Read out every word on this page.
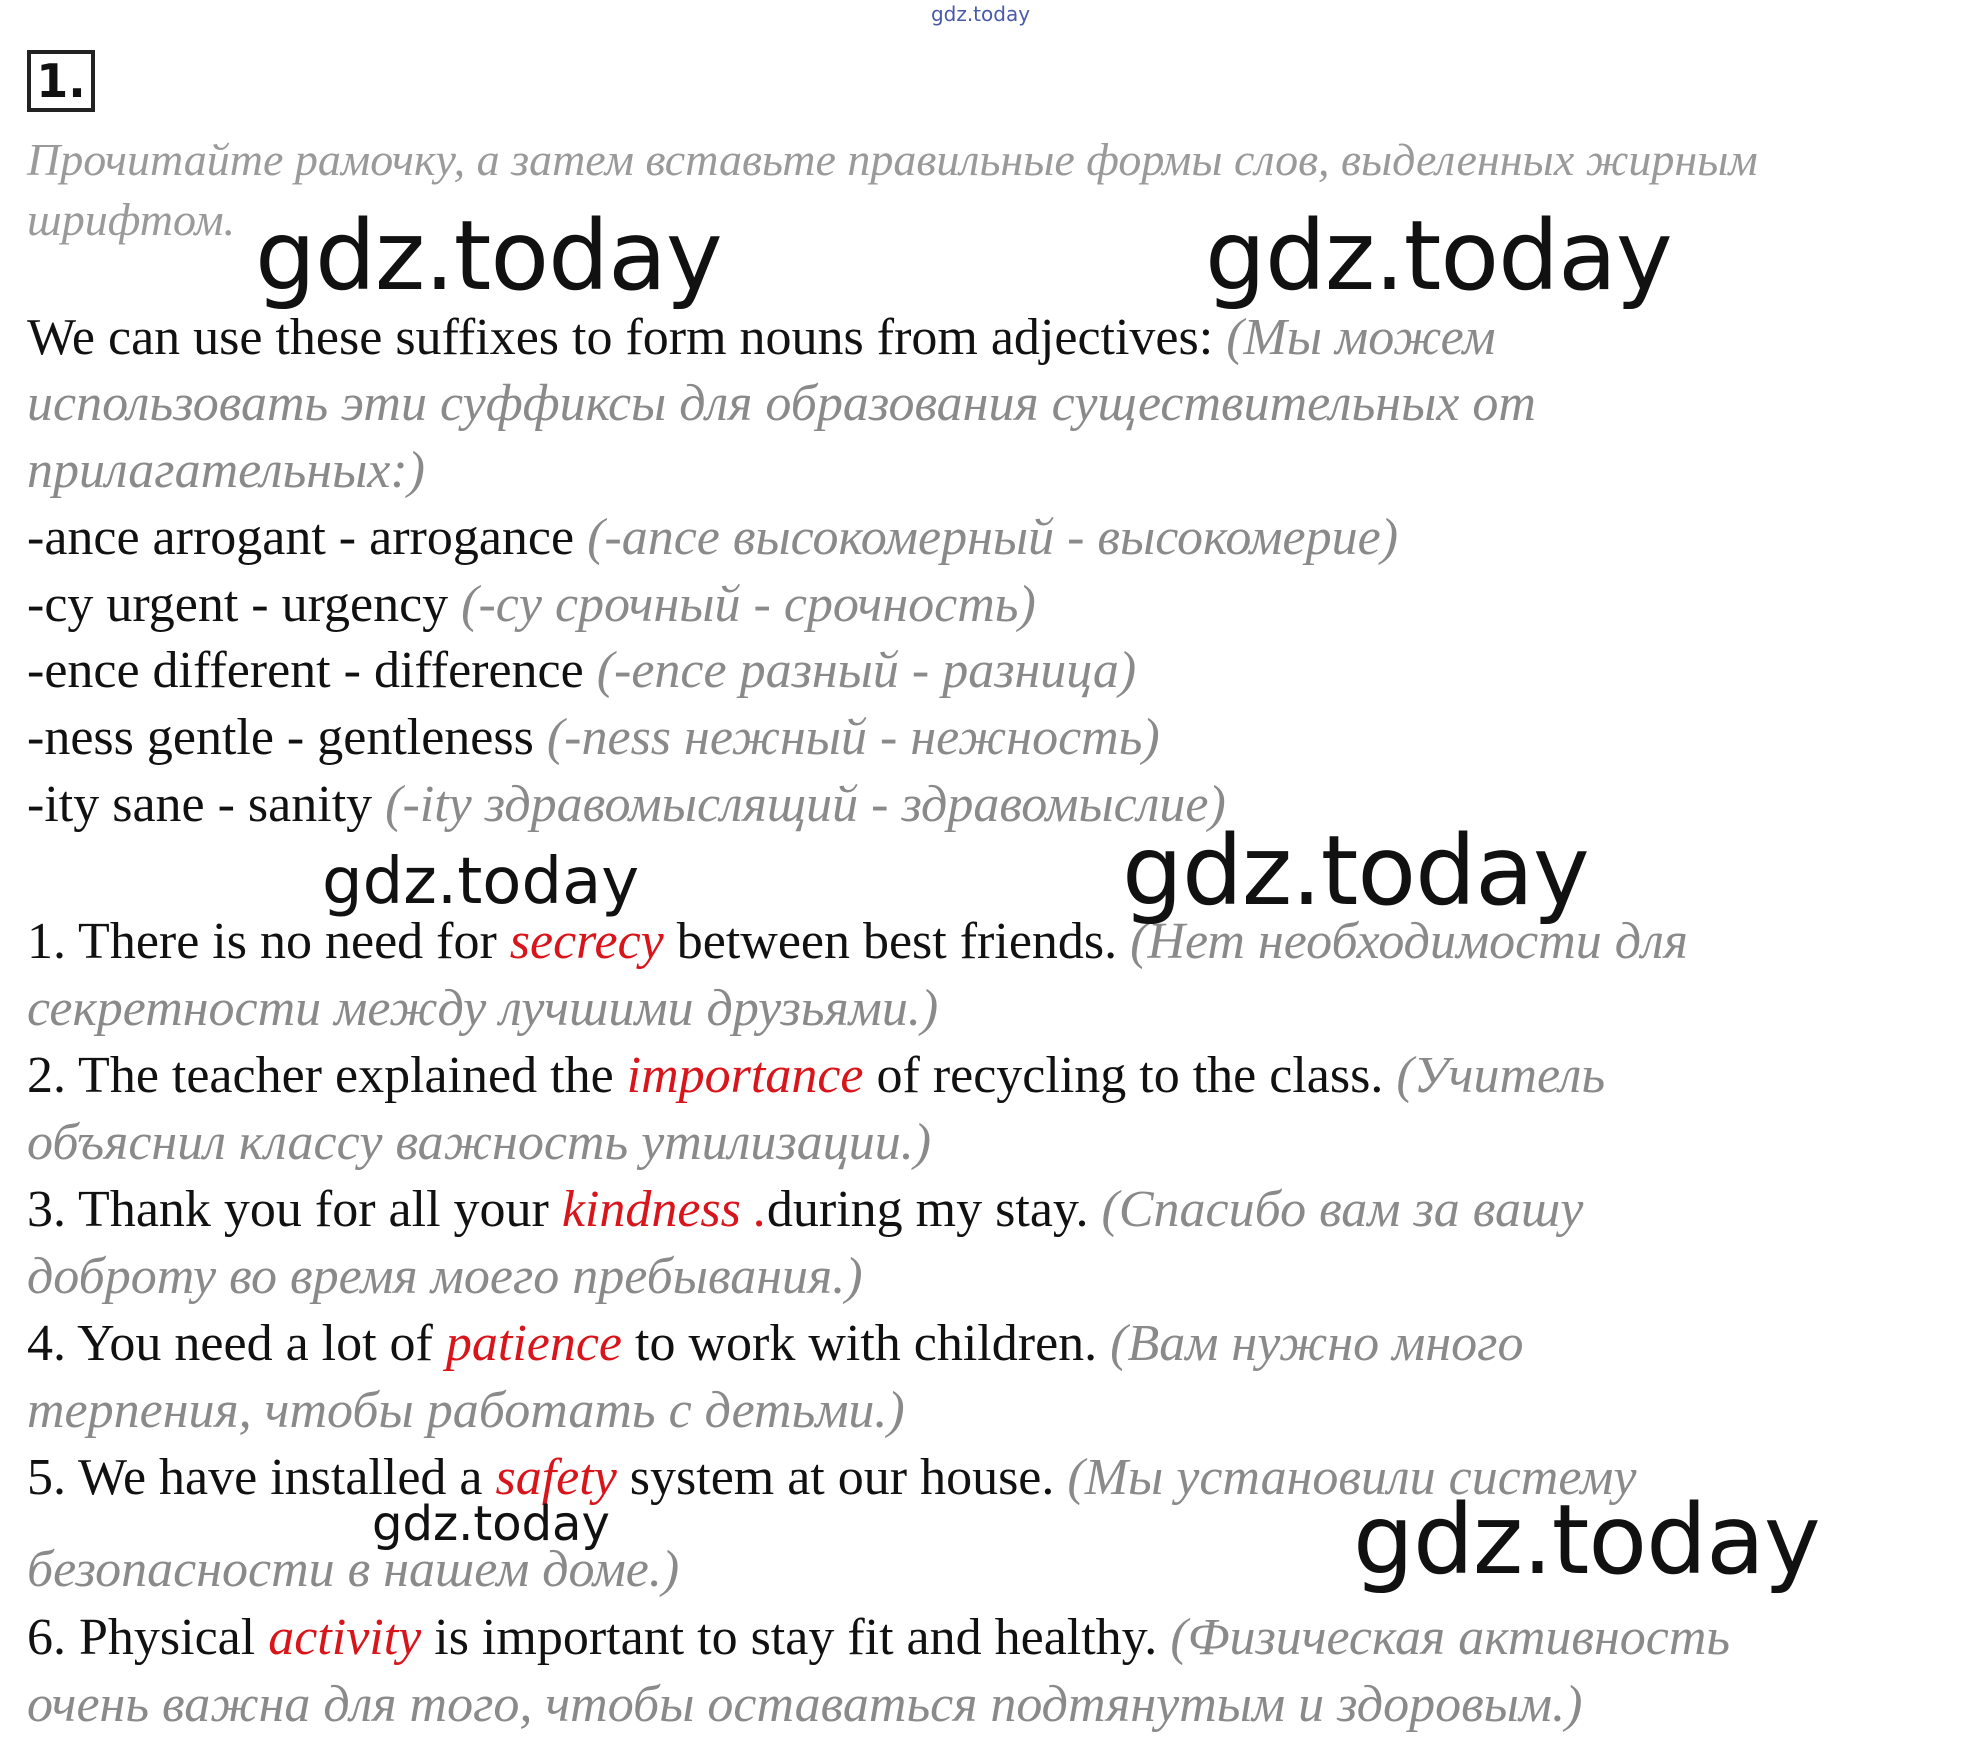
gdz.today
1.
Прочитайте рамочку, а затем вставьте правильные формы слов, выделенных жирным шрифтом.
We can use these suffixes to form nouns from adjectives: (Мы можем
использовать эти суффиксы для образования существительных от
прилагательных:)
-ance arrogant - arrogance (-ance высокомерный - высокомерие)
-cy urgent - urgency (-cy срочный - срочность)
-ence different - difference (-ence разный - разница)
-ness gentle - gentleness (-ness нежный - нежность)
-ity sane - sanity (-ity здравомыслящий - здравомыслие)
1. There is no need for secrecy between best friends. (Нет необходимости для
секретности между лучшими друзьями.)
2. The teacher explained the importance of recycling to the class. (Учитель
объяснил классу важность утилизации.)
3. Thank you for all your kindness .during my stay. (Спасибо вам за вашу
доброту во время моего пребывания.)
4. You need a lot of patience to work with children. (Вам нужно много
терпения, чтобы работать с детьми.)
5. We have installed a safety system at our house. (Мы установили систему
безопасности в нашем доме.)
6. Physical activity is important to stay fit and healthy. (Физическая активность
очень важна для того, чтобы оставаться подтянутым и здоровым.)
gdz.today	gdz.today
gdz.today	gdz.today
gdz.today	gdz.today
